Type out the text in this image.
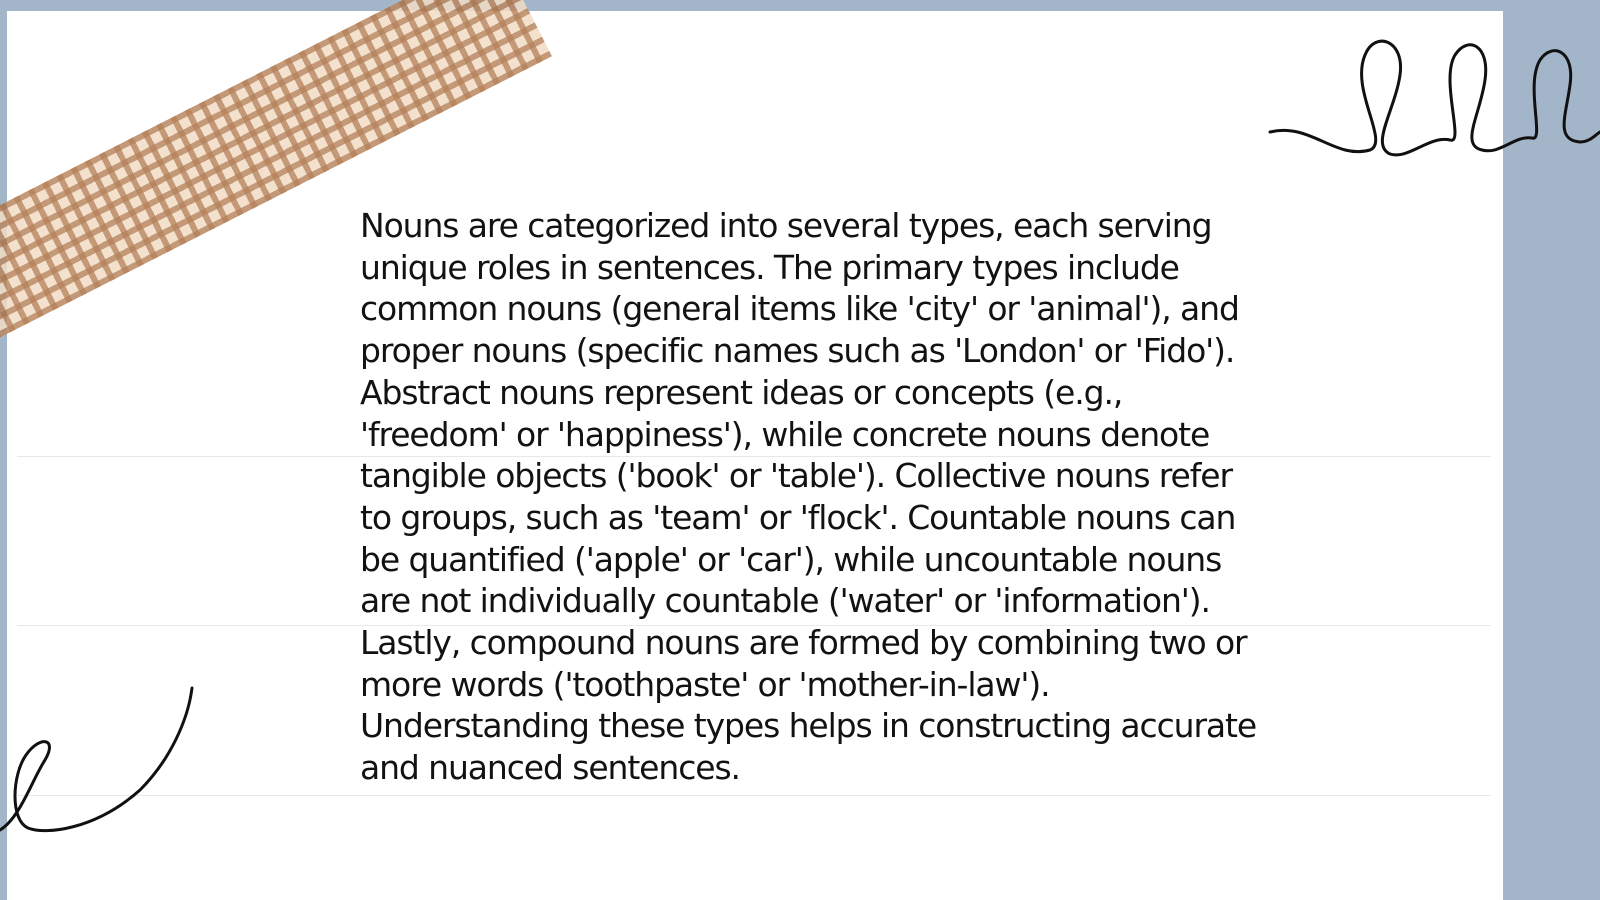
Nouns are categorized into several types, each serving unique roles in sentences. The primary types include common nouns (general items like 'city' or 'animal'), and proper nouns (specific names such as 'London' or 'Fido'). Abstract nouns represent ideas or concepts (e.g., 'freedom' or 'happiness'), while concrete nouns denote tangible objects ('book' or 'table'). Collective nouns refer to groups, such as 'team' or 'flock'. Countable nouns can be quantified ('apple' or 'car'), while uncountable nouns are not individually countable ('water' or 'information'). Lastly, compound nouns are formed by combining two or more words ('toothpaste' or 'mother-in-law'). Understanding these types helps in constructing accurate and nuanced sentences.
